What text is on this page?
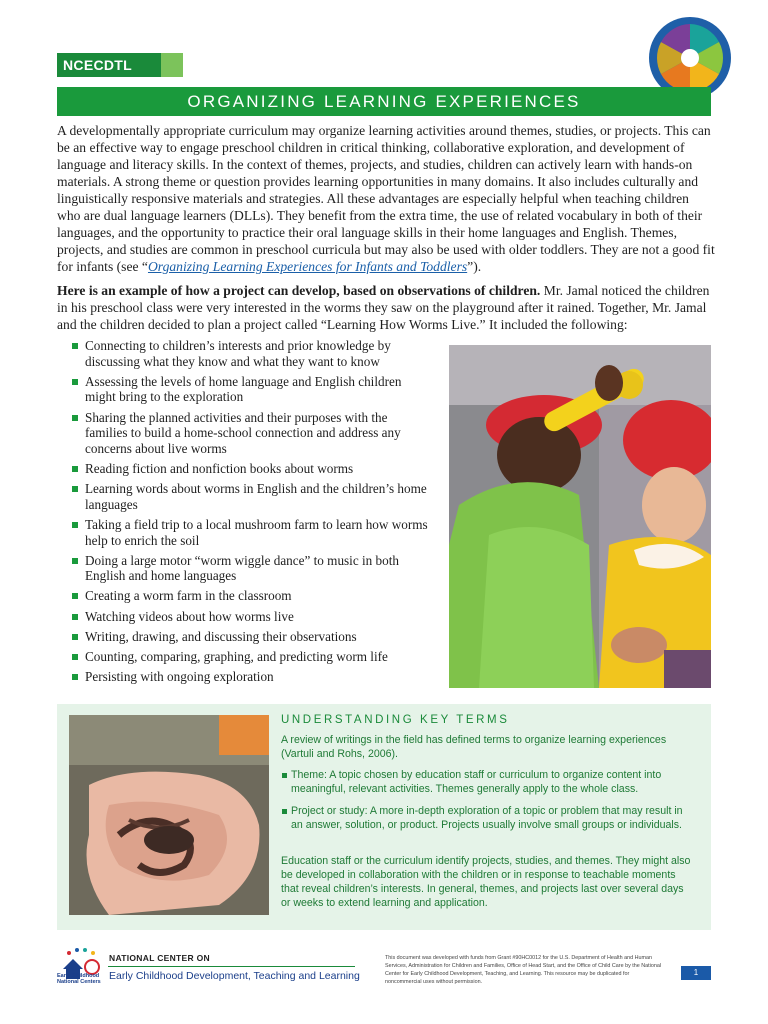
NCECDTL
ORGANIZING LEARNING EXPERIENCES

A developmentally appropriate curriculum may organize learning activities around themes, studies, or projects. This can be an effective way to engage preschool children in critical thinking, collaborative exploration, and development of language and literacy skills. In the context of themes, projects, and studies, children can actively learn with hands-on materials. A strong theme or question provides learning opportunities in many domains. It also includes culturally and linguistically responsive materials and strategies. All these advantages are especially helpful when teaching children who are dual language learners (DLLs). They benefit from the extra time, the use of related vocabulary in both of their languages, and the opportunity to practice their oral language skills in their home languages and English. Themes, projects, and studies are common in preschool curricula but may also be used with older toddlers. They are not a good fit for infants (see “Organizing Learning Experiences for Infants and Toddlers”).

Here is an example of how a project can develop, based on observations of children. Mr. Jamal noticed the children in his preschool class were very interested in the worms they saw on the playground after it rained. Together, Mr. Jamal and the children decided to plan a project called “Learning How Worms Live.” It included the following:

Connecting to children’s interests and prior knowledge by discussing what they know and what they want to know
Assessing the levels of home language and English children might bring to the exploration
Sharing the planned activities and their purposes with the families to build a home-school connection and address any concerns about live worms
Reading fiction and nonfiction books about worms
Learning words about worms in English and the children’s home languages
Taking a field trip to a local mushroom farm to learn how worms help to enrich the soil
Doing a large motor “worm wiggle dance” to music in both English and home languages
Creating a worm farm in the classroom
Watching videos about how worms live
Writing, drawing, and discussing their observations
Counting, comparing, graphing, and predicting worm life
Persisting with ongoing exploration

UNDERSTANDING KEY TERMS

A review of writings in the field has defined terms to organize learning experiences (Vartuli and Rohs, 2006).

Theme: A topic chosen by education staff or curriculum to organize content into meaningful, relevant activities. Themes generally apply to the whole class.
Project or study: A more in-depth exploration of a topic or problem that may result in an answer, solution, or product. Projects usually involve small groups or individuals.

Education staff or the curriculum identify projects, studies, and themes. They might also be developed in collaboration with the children or in response to teachable moments that reveal children’s interests. In general, themes, and projects last over several days or weeks to extend learning and application.

NATIONAL CENTER ON
Early Childhood Development, Teaching and Learning
Early Childhood National Centers

This document was developed with funds from Grant #90HC0012 for the U.S. Department of Health and Human Services, Administration for Children and Families, Office of Head Start, and the Office of Child Care by the National Center for Early Childhood Development, Teaching, and Learning. This resource may be duplicated for noncommercial uses without permission.

1
